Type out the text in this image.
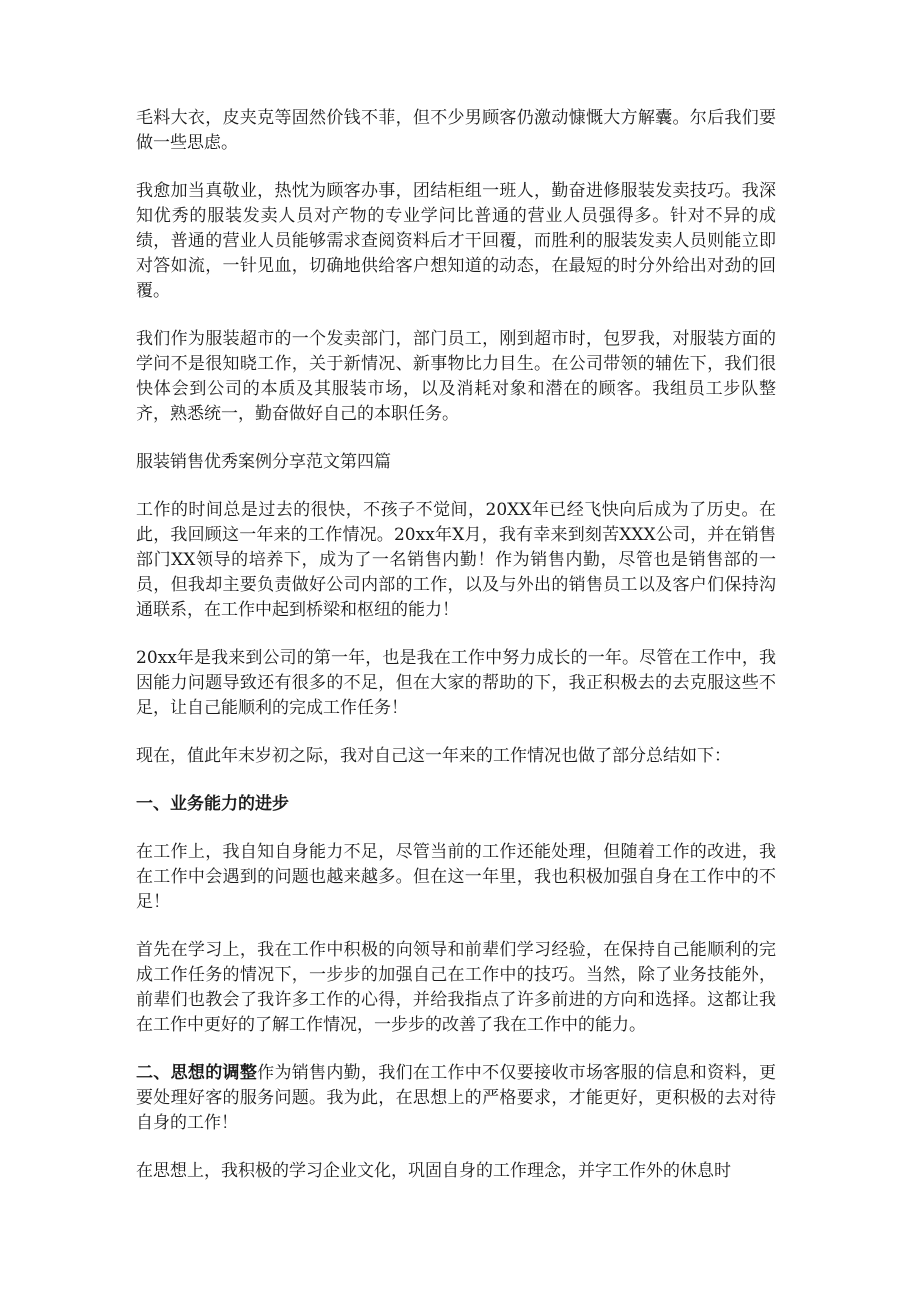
毛料大衣，皮夹克等固然价钱不菲，但不少男顾客仍激动慷慨大方解囊。尔后我们要做一些思虑。

我愈加当真敬业，热忱为顾客办事，团结柜组一班人，勤奋进修服装发卖技巧。我深知优秀的服装发卖人员对产物的专业学问比普通的营业人员强得多。针对不异的成绩，普通的营业人员能够需求查阅资料后才干回覆，而胜利的服装发卖人员则能立即对答如流，一针见血，切确地供给客户想知道的动态，在最短的时分外给出对劲的回覆。

我们作为服装超市的一个发卖部门，部门员工，刚到超市时，包罗我，对服装方面的学问不是很知晓工作，关于新情况、新事物比力目生。在公司带领的辅佐下，我们很快体会到公司的本质及其服装市场，以及消耗对象和潜在的顾客。我组员工步队整齐，熟悉统一，勤奋做好自己的本职任务。

服装销售优秀案例分享范文第四篇

工作的时间总是过去的很快，不孩子不觉间，20XX年已经飞快向后成为了历史。在此，我回顾这一年来的工作情况。20xx年X月，我有幸来到刻苦XXX公司，并在销售部门XX领导的培养下，成为了一名销售内勤！作为销售内勤，尽管也是销售部的一员，但我却主要负责做好公司内部的工作，以及与外出的销售员工以及客户们保持沟通联系，在工作中起到桥梁和枢纽的能力！

20xx年是我来到公司的第一年，也是我在工作中努力成长的一年。尽管在工作中，我因能力问题导致还有很多的不足，但在大家的帮助的下，我正积极去的去克服这些不足，让自己能顺利的完成工作任务！

现在，值此年末岁初之际，我对自己这一年来的工作情况也做了部分总结如下：

一、业务能力的进步

在工作上，我自知自身能力不足，尽管当前的工作还能处理，但随着工作的改进，我在工作中会遇到的问题也越来越多。但在这一年里，我也积极加强自身在工作中的不足！

首先在学习上，我在工作中积极的向领导和前辈们学习经验，在保持自己能顺利的完成工作任务的情况下，一步步的加强自己在工作中的技巧。当然，除了业务技能外，前辈们也教会了我许多工作的心得，并给我指点了许多前进的方向和选择。这都让我在工作中更好的了解工作情况，一步步的改善了我在工作中的能力。

二、思想的调整作为销售内勤，我们在工作中不仅要接收市场客服的信息和资料，更要处理好客的服务问题。我为此，在思想上的严格要求，才能更好，更积极的去对待自身的工作！

在思想上，我积极的学习企业文化，巩固自身的工作理念，并字工作外的休息时
